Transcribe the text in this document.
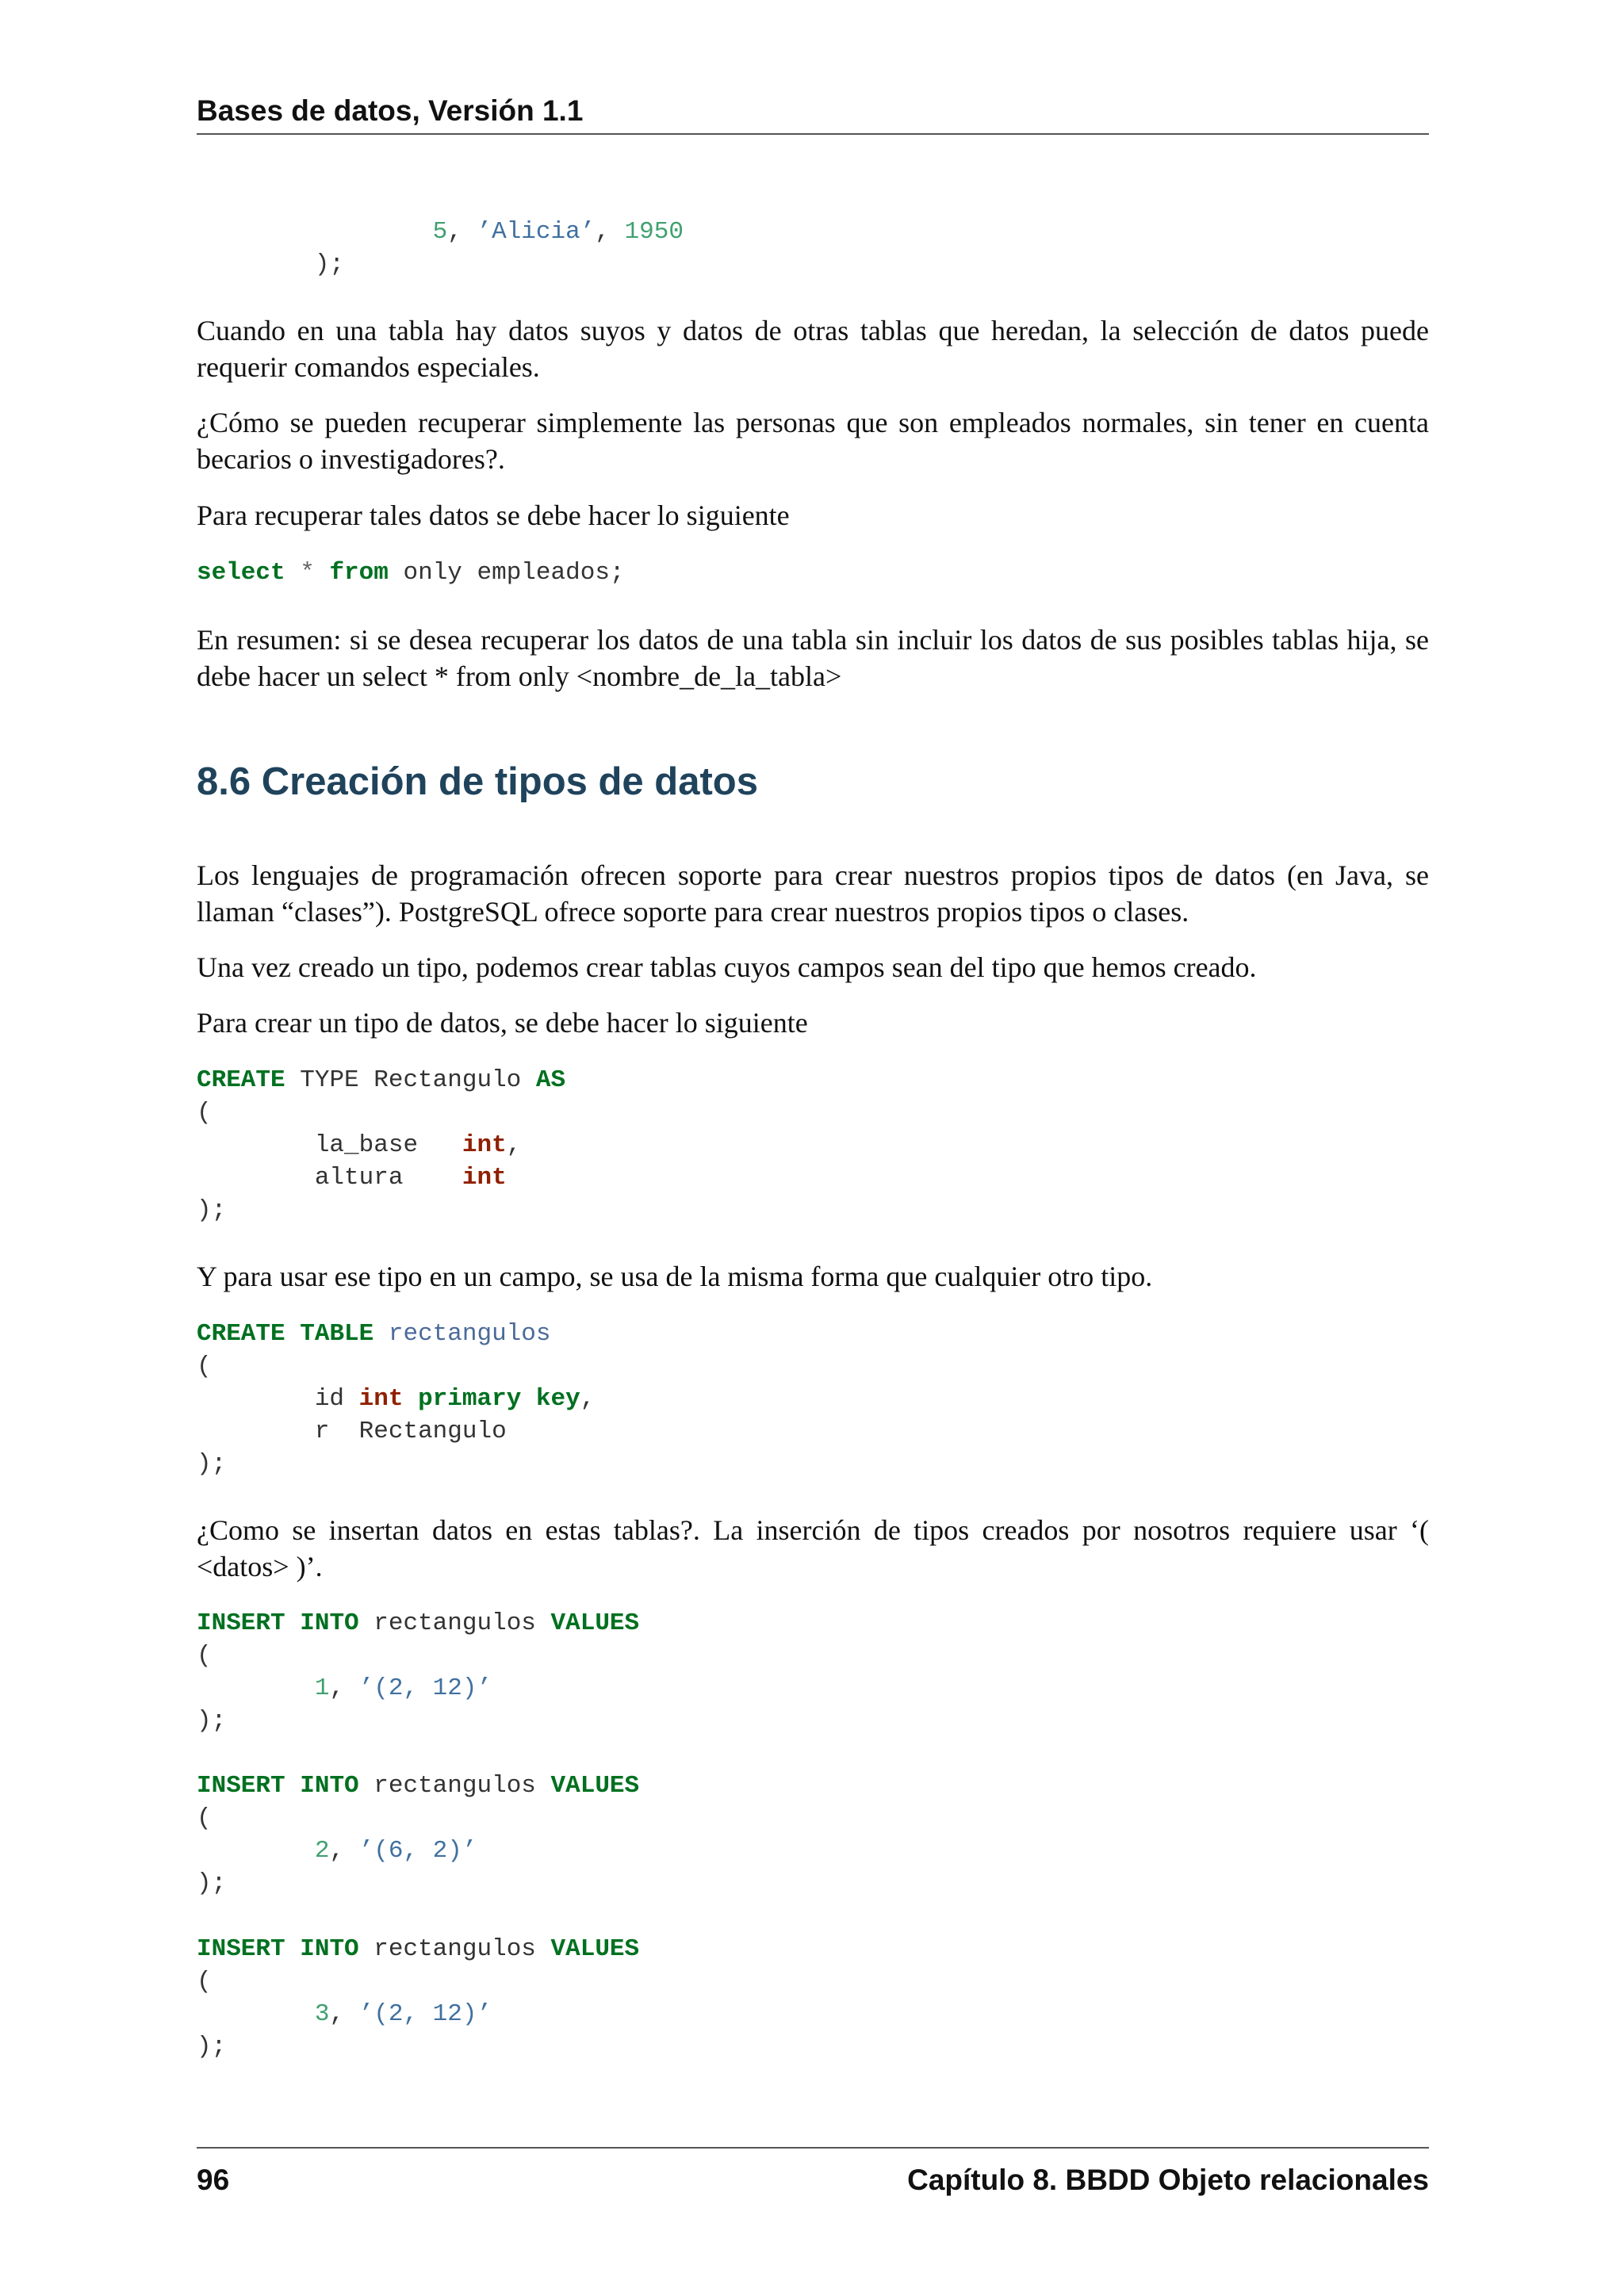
Bases de datos, Versión 1.1
5, ’Alicia’, 1950
);

Cuando en una tabla hay datos suyos y datos de otras tablas que heredan, la selección de datos puede requerir comandos especiales.

¿Cómo se pueden recuperar simplemente las personas que son empleados normales, sin tener en cuenta becarios o investigadores?.

Para recuperar tales datos se debe hacer lo siguiente

select * from only empleados;

En resumen: si se desea recuperar los datos de una tabla sin incluir los datos de sus posibles tablas hija, se debe hacer un select * from only <nombre_de_la_tabla>

8.6 Creación de tipos de datos

Los lenguajes de programación ofrecen soporte para crear nuestros propios tipos de datos (en Java, se llaman “clases”). PostgreSQL ofrece soporte para crear nuestros propios tipos o clases.

Una vez creado un tipo, podemos crear tablas cuyos campos sean del tipo que hemos creado.

Para crear un tipo de datos, se debe hacer lo siguiente

CREATE TYPE Rectangulo AS
(
la_base int,
altura int
);

Y para usar ese tipo en un campo, se usa de la misma forma que cualquier otro tipo.

CREATE TABLE rectangulos
(
id int primary key,
r Rectangulo
);

¿Como se insertan datos en estas tablas?. La inserción de tipos creados por nosotros requiere usar ‘( <datos> )’.

INSERT INTO rectangulos VALUES
(
1, ’(2, 12)’
);
INSERT INTO rectangulos VALUES
(
2, ’(6, 2)’
);
INSERT INTO rectangulos VALUES
(
3, ’(2, 12)’
);
96	Capítulo 8. BBDD Objeto relacionales
